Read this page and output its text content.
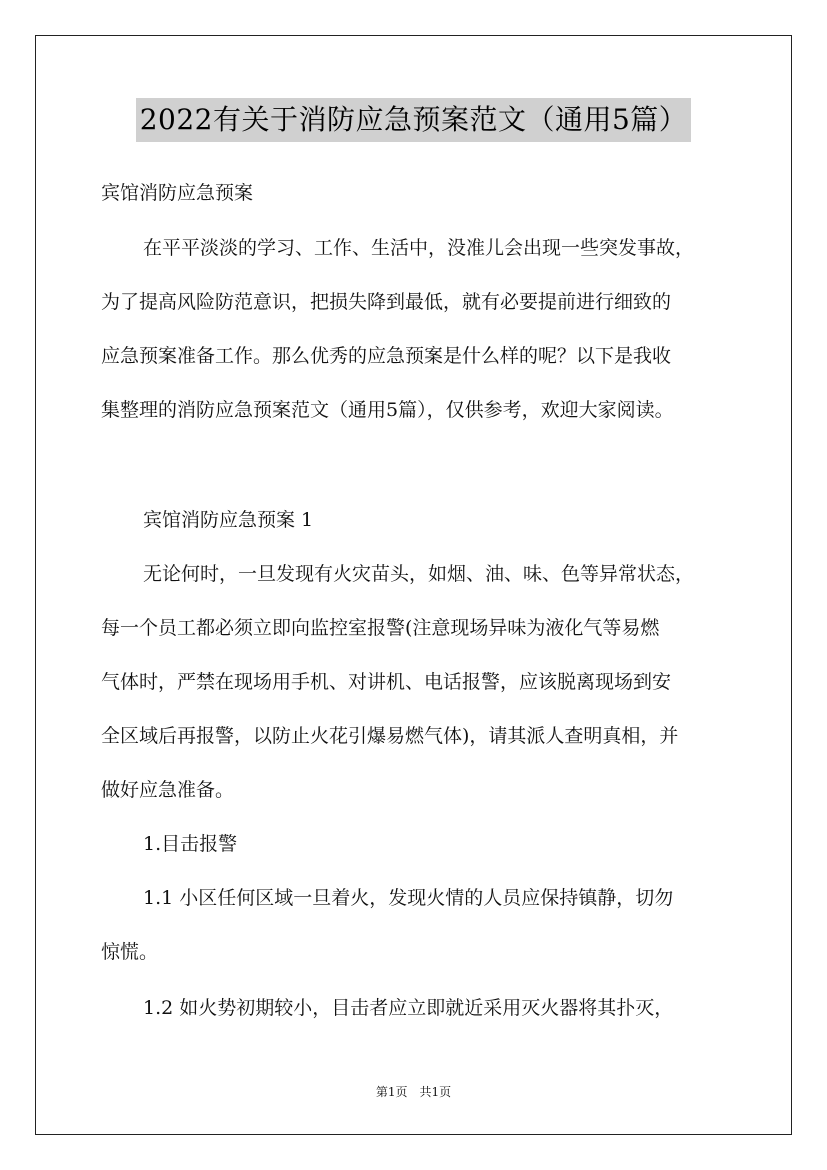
2022有关于消防应急预案范文（通用5篇）
宾馆消防应急预案
在平平淡淡的学习、工作、生活中，没准儿会出现一些突发事故，
为了提高风险防范意识，把损失降到最低，就有必要提前进行细致的
应急预案准备工作。那么优秀的应急预案是什么样的呢？以下是我收
集整理的消防应急预案范文（通用5篇），仅供参考，欢迎大家阅读。
宾馆消防应急预案 1
无论何时，一旦发现有火灾苗头，如烟、油、味、色等异常状态，
每一个员工都必须立即向监控室报警(注意现场异味为液化气等易燃
气体时，严禁在现场用手机、对讲机、电话报警，应该脱离现场到安
全区域后再报警，以防止火花引爆易燃气体)，请其派人查明真相，并
做好应急准备。
1.目击报警
1.1 小区任何区域一旦着火，发现火情的人员应保持镇静，切勿
惊慌。
1.2 如火势初期较小，目击者应立即就近采用灭火器将其扑灭，
第1页　共1页
